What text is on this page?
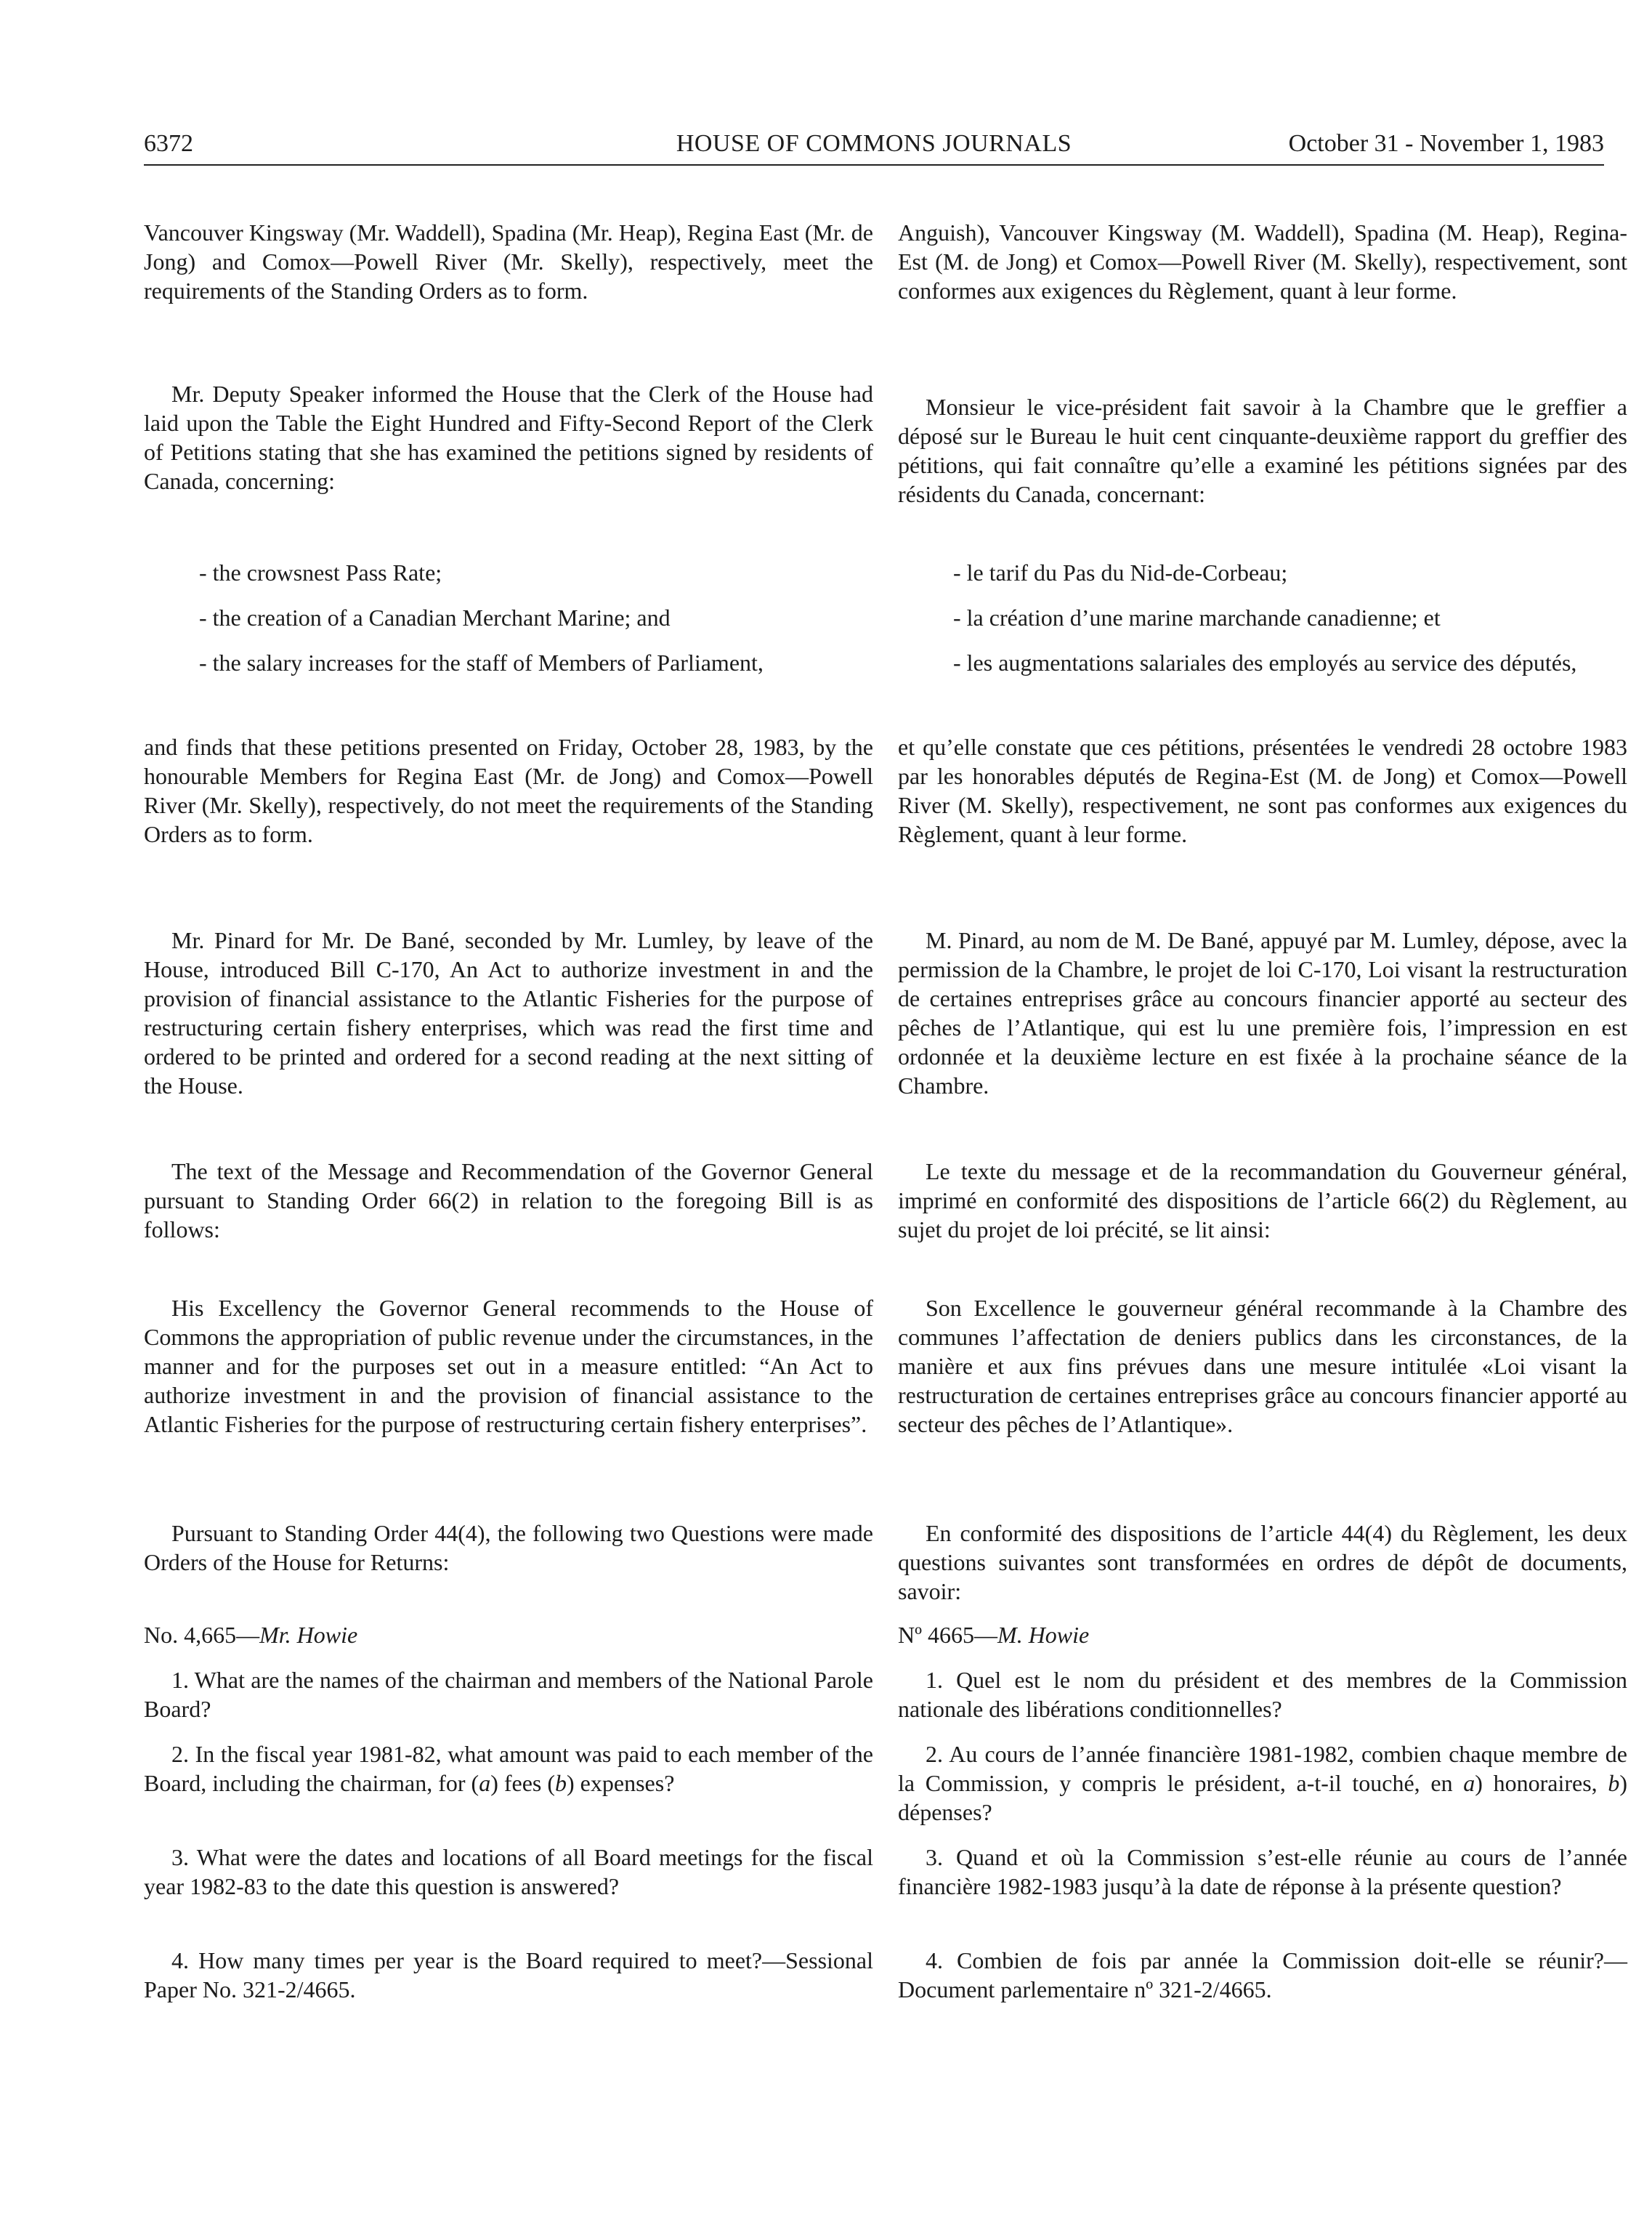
6372	HOUSE OF COMMONS JOURNALS	October 31 - November 1, 1983

Vancouver Kingsway (Mr. Waddell), Spadina (Mr. Heap), Regina East (Mr. de Jong) and Comox—Powell River (Mr. Skelly), respectively, meet the requirements of the Standing Orders as to form.

Mr. Deputy Speaker informed the House that the Clerk of the House had laid upon the Table the Eight Hundred and Fifty-Second Report of the Clerk of Petitions stating that she has examined the petitions signed by residents of Canada, concerning:

- the crowsnest Pass Rate;

- the creation of a Canadian Merchant Marine; and

- the salary increases for the staff of Members of Parliament,

and finds that these petitions presented on Friday, October 28, 1983, by the honourable Members for Regina East (Mr. de Jong) and Comox—Powell River (Mr. Skelly), respectively, do not meet the requirements of the Standing Orders as to form.

Mr. Pinard for Mr. De Bané, seconded by Mr. Lumley, by leave of the House, introduced Bill C-170, An Act to authorize investment in and the provision of financial assistance to the Atlantic Fisheries for the purpose of restructuring certain fishery enterprises, which was read the first time and ordered to be printed and ordered for a second reading at the next sitting of the House.

The text of the Message and Recommendation of the Governor General pursuant to Standing Order 66(2) in relation to the foregoing Bill is as follows:

His Excellency the Governor General recommends to the House of Commons the appropriation of public revenue under the circumstances, in the manner and for the purposes set out in a measure entitled: “An Act to authorize investment in and the provision of financial assistance to the Atlantic Fisheries for the purpose of restructuring certain fishery enterprises”.

Pursuant to Standing Order 44(4), the following two Questions were made Orders of the House for Returns:

No. 4,665—Mr. Howie

1. What are the names of the chairman and members of the National Parole Board?

2. In the fiscal year 1981-82, what amount was paid to each member of the Board, including the chairman, for (a) fees (b) expenses?

3. What were the dates and locations of all Board meetings for the fiscal year 1982-83 to the date this question is answered?

4. How many times per year is the Board required to meet?—Sessional Paper No. 321-2/4665.

Anguish), Vancouver Kingsway (M. Waddell), Spadina (M. Heap), Regina-Est (M. de Jong) et Comox—Powell River (M. Skelly), respectivement, sont conformes aux exigences du Règlement, quant à leur forme.

Monsieur le vice-président fait savoir à la Chambre que le greffier a déposé sur le Bureau le huit cent cinquante-deuxième rapport du greffier des pétitions, qui fait connaître qu’elle a examiné les pétitions signées par des résidents du Canada, concernant:

- le tarif du Pas du Nid-de-Corbeau;

- la création d’une marine marchande canadienne; et

- les augmentations salariales des employés au service des députés,

et qu’elle constate que ces pétitions, présentées le vendredi 28 octobre 1983 par les honorables députés de Regina-Est (M. de Jong) et Comox—Powell River (M. Skelly), respectivement, ne sont pas conformes aux exigences du Règlement, quant à leur forme.

M. Pinard, au nom de M. De Bané, appuyé par M. Lumley, dépose, avec la permission de la Chambre, le projet de loi C-170, Loi visant la restructuration de certaines entreprises grâce au concours financier apporté au secteur des pêches de l’Atlantique, qui est lu une première fois, l’impression en est ordonnée et la deuxième lecture en est fixée à la prochaine séance de la Chambre.

Le texte du message et de la recommandation du Gouverneur général, imprimé en conformité des dispositions de l’article 66(2) du Règlement, au sujet du projet de loi précité, se lit ainsi:

Son Excellence le gouverneur général recommande à la Chambre des communes l’affectation de deniers publics dans les circonstances, de la manière et aux fins prévues dans une mesure intitulée «Loi visant la restructuration de certaines entreprises grâce au concours financier apporté au secteur des pêches de l’Atlantique».

En conformité des dispositions de l’article 44(4) du Règlement, les deux questions suivantes sont transformées en ordres de dépôt de documents, savoir:

Nº 4665—M. Howie

1. Quel est le nom du président et des membres de la Commission nationale des libérations conditionnelles?

2. Au cours de l’année financière 1981-1982, combien chaque membre de la Commission, y compris le président, a-t-il touché, en a) honoraires, b) dépenses?

3. Quand et où la Commission s’est-elle réunie au cours de l’année financière 1982-1983 jusqu’à la date de réponse à la présente question?

4. Combien de fois par année la Commission doit-elle se réunir?—Document parlementaire nº 321-2/4665.
